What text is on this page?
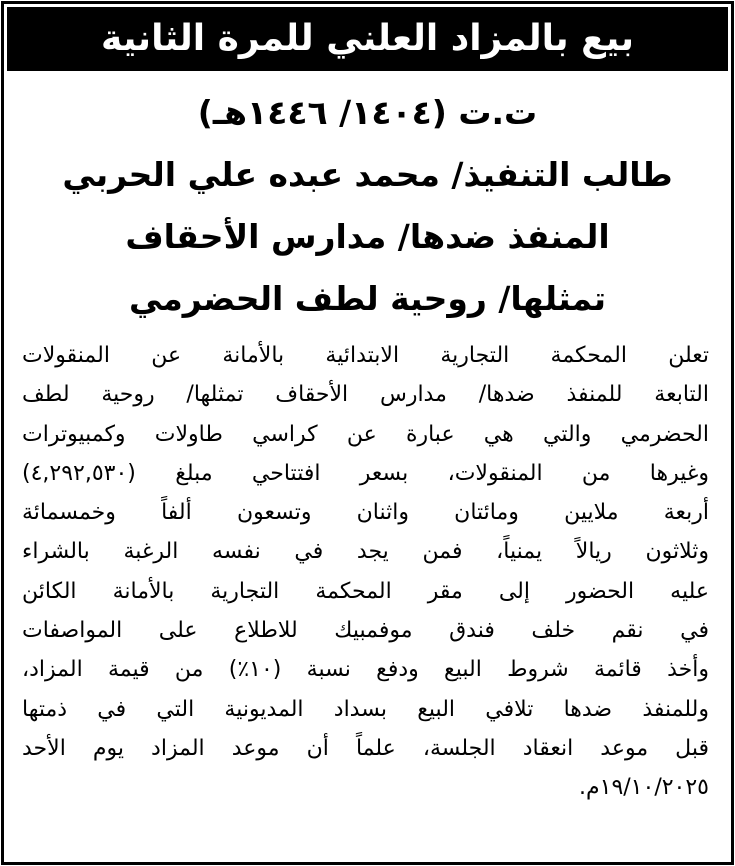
بيع بالمزاد العلني للمرة الثانية
ت.ت (١٤٠٤/ ١٤٤٦هـ)
طالب التنفيذ/ محمد عبده علي الحربي
المنفذ ضدها/ مدارس الأحقاف
تمثلها/ روحية لطف الحضرمي
تعلن المحكمة التجارية الابتدائية بالأمانة عن المنقولات
التابعة للمنفذ ضدها/ مدارس الأحقاف تمثلها/ روحية لطف
الحضرمي والتي هي عبارة عن كراسي طاولات وكمبيوترات
وغيرها من المنقولات، بسعر افتتاحي مبلغ (٤,٢٩٢,٥٣٠)
أربعة ملايين ومائتان واثنان وتسعون ألفاً وخمسمائة
وثلاثون ريالاً يمنياً، فمن يجد في نفسه الرغبة بالشراء
عليه الحضور إلى مقر المحكمة التجارية بالأمانة الكائن
في نقم خلف فندق موفمبيك للاطلاع على المواصفات
وأخذ قائمة شروط البيع ودفع نسبة (١٠٪) من قيمة المزاد،
وللمنفذ ضدها تلافي البيع بسداد المديونية التي في ذمتها
قبل موعد انعقاد الجلسة، علماً أن موعد المزاد يوم الأحد
١٩/١٠/٢٠٢٥م.
